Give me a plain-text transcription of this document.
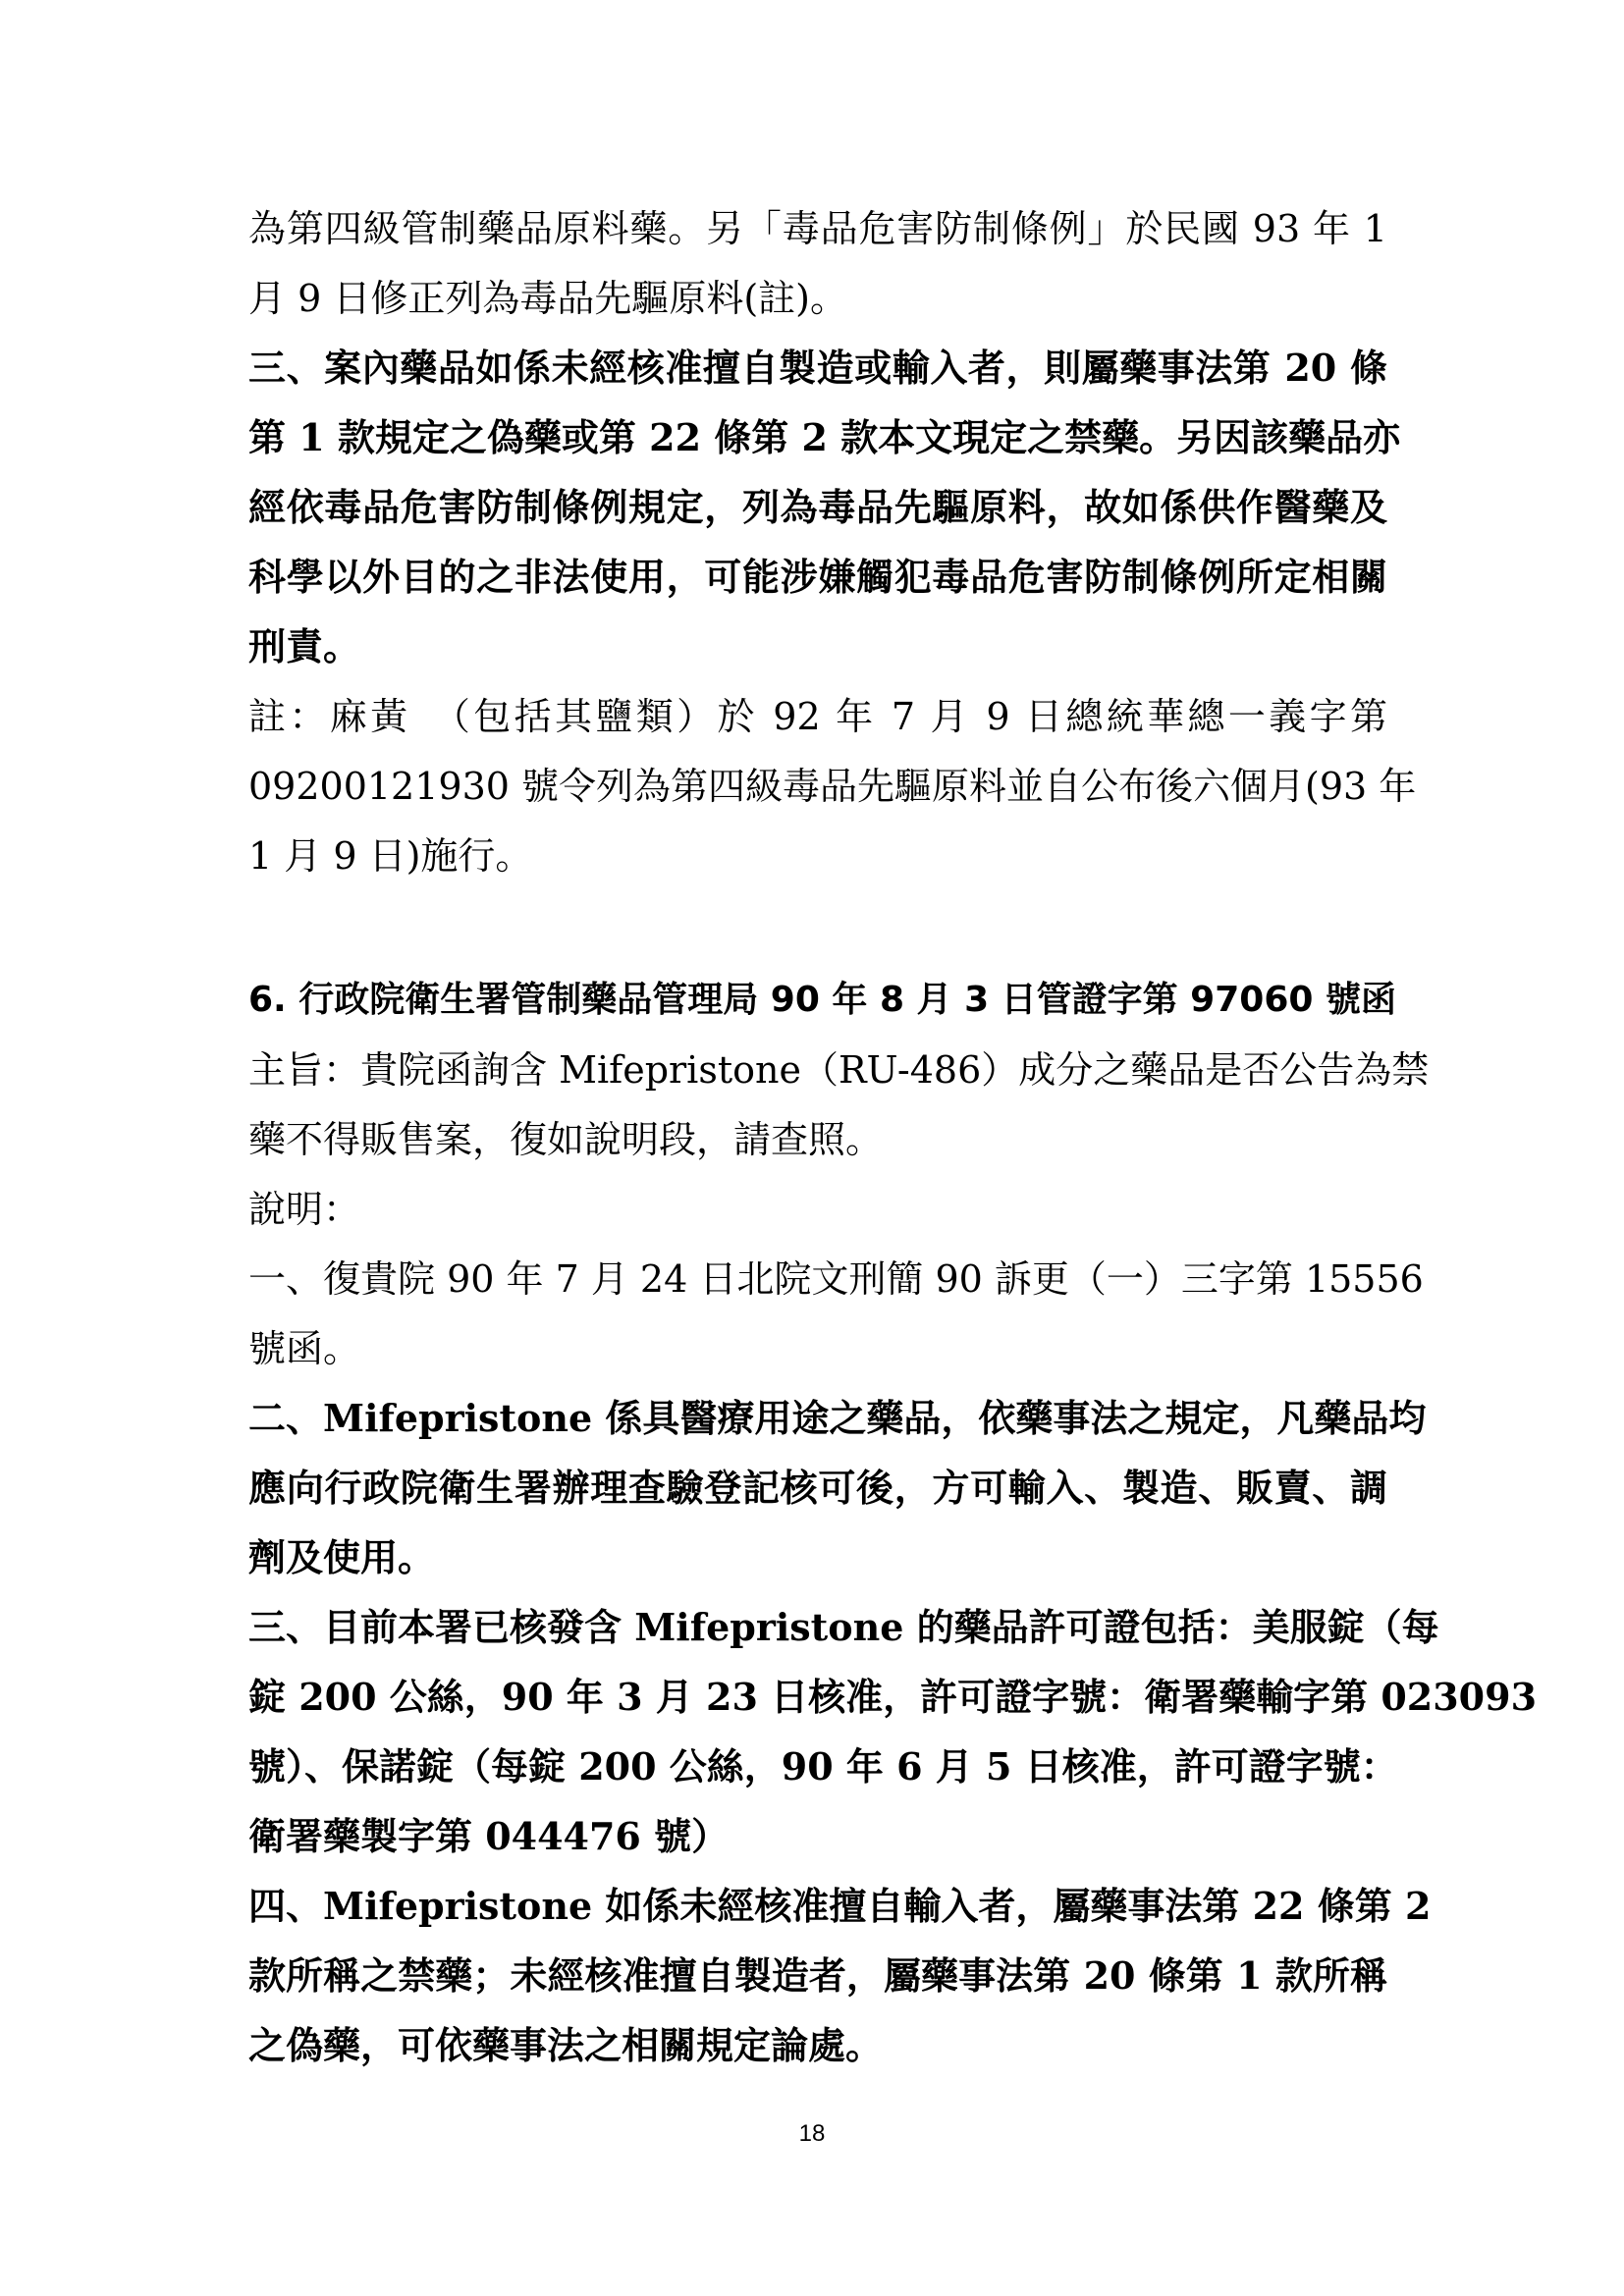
為第四級管制藥品原料藥。另「毒品危害防制條例」於民國 93 年 1

月 9 日修正列為毒品先驅原料(註)。

三、案內藥品如係未經核准擅自製造或輸入者，則屬藥事法第 20 條

第 1 款規定之偽藥或第 22 條第 2 款本文現定之禁藥。另因該藥品亦

經依毒品危害防制條例規定，列為毒品先驅原料，故如係供作醫藥及

科學以外目的之非法使用，可能涉嫌觸犯毒品危害防制條例所定相關

刑責。

註：麻黃　（包括其鹽類）於 92 年 7 月 9 日總統華總一義字第

09200121930 號令列為第四級毒品先驅原料並自公布後六個月(93 年

1 月 9 日)施行。

6. 行政院衛生署管制藥品管理局 90 年 8 月 3 日管證字第 97060 號函

主旨：貴院函詢含 Mifepristone（RU-486）成分之藥品是否公告為禁

藥不得販售案，復如說明段，請查照。

說明：

一、復貴院 90 年 7 月 24 日北院文刑簡 90 訴更（一）三字第 15556

號函。

二、Mifepristone 係具醫療用途之藥品，依藥事法之規定，凡藥品均

應向行政院衛生署辦理查驗登記核可後，方可輸入、製造、販賣、調

劑及使用。

三、目前本署已核發含 Mifepristone 的藥品許可證包括：美服錠（每

錠 200 公絲，90 年 3 月 23 日核准，許可證字號：衛署藥輸字第 023093

號）、保諾錠（每錠 200 公絲，90 年 6 月 5 日核准，許可證字號：

衛署藥製字第 044476 號）

四、Mifepristone 如係未經核准擅自輸入者，屬藥事法第 22 條第 2

款所稱之禁藥；未經核准擅自製造者，屬藥事法第 20 條第 1 款所稱

之偽藥，可依藥事法之相關規定論處。

18
